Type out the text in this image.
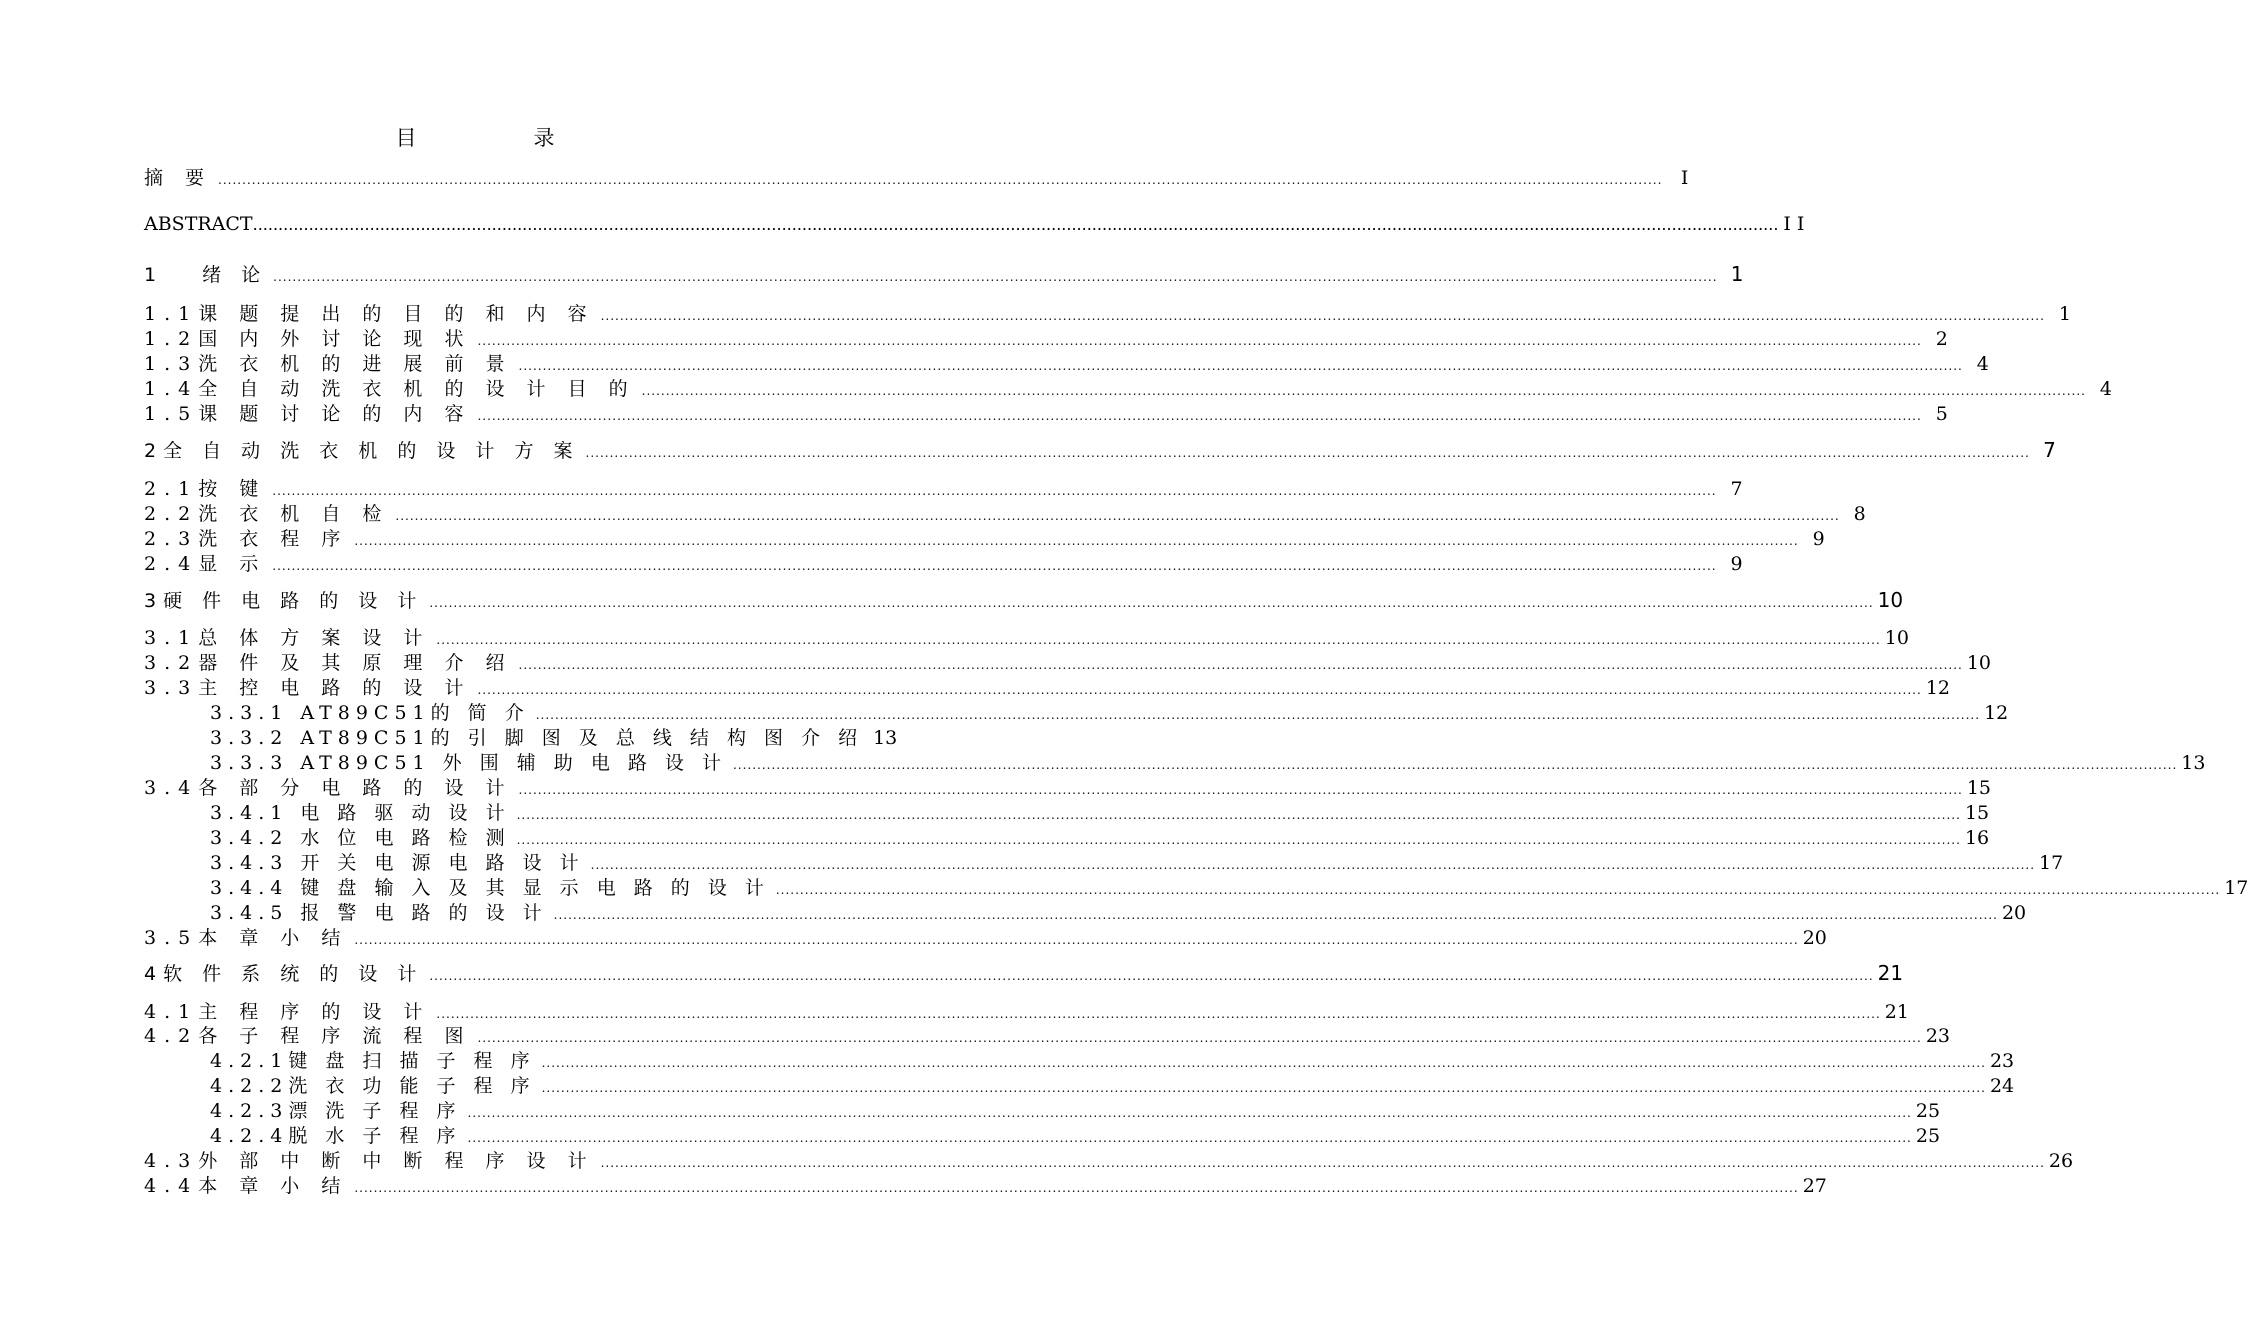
目　录
摘 要 ............................................................................................................................................................................................................................................................................................................ I
ABSTRACT ............................................................................................................................................................................................................................................................................................................ I I
1　 绪 论 ............................................................................................................................................................................................................................................................................................................ 1
1.1课 题 提 出 的 目 的 和 内 容 ............................................................................................................................................................................................................................................................................................................ 1
1.2国 内 外 讨 论 现 状 ............................................................................................................................................................................................................................................................................................................ 2
1.3洗 衣 机 的 进 展 前 景 ............................................................................................................................................................................................................................................................................................................ 4
1.4全 自 动 洗 衣 机 的 设 计 目 的 ............................................................................................................................................................................................................................................................................................................ 4
1.5课 题 讨 论 的 内 容 ............................................................................................................................................................................................................................................................................................................ 5
2全 自 动 洗 衣 机 的 设 计 方 案 ............................................................................................................................................................................................................................................................................................................ 7
2.1按 键 ............................................................................................................................................................................................................................................................................................................ 7
2.2洗 衣 机 自 检 ............................................................................................................................................................................................................................................................................................................ 8
2.3洗 衣 程 序 ............................................................................................................................................................................................................................................................................................................ 9
2.4显 示 ............................................................................................................................................................................................................................................................................................................ 9
3硬 件 电 路 的 设 计 ............................................................................................................................................................................................................................................................................................................ 10
3.1总 体 方 案 设 计 ............................................................................................................................................................................................................................................................................................................ 10
3.2器 件 及 其 原 理 介 绍 ............................................................................................................................................................................................................................................................................................................ 10
3.3主 控 电 路 的 设 计 ............................................................................................................................................................................................................................................................................................................ 12
3.3.1 AT89C51的 简 介 ............................................................................................................................................................................................................................................................................................................ 12
3.3.2 AT89C51的 引 脚 图 及 总 线 结 构 图 介 绍 13
3.3.3 AT89C51 外 围 辅 助 电 路 设 计 ............................................................................................................................................................................................................................................................................................................ 13
3.4各 部 分 电 路 的 设 计 ............................................................................................................................................................................................................................................................................................................ 15
3.4.1 电 路 驱 动 设 计 ............................................................................................................................................................................................................................................................................................................ 15
3.4.2 水 位 电 路 检 测 ............................................................................................................................................................................................................................................................................................................ 16
3.4.3 开 关 电 源 电 路 设 计 ............................................................................................................................................................................................................................................................................................................ 17
3.4.4 键 盘 输 入 及 其 显 示 电 路 的 设 计 ............................................................................................................................................................................................................................................................................................................ 17
3.4.5 报 警 电 路 的 设 计 ............................................................................................................................................................................................................................................................................................................ 20
3.5本 章 小 结 ............................................................................................................................................................................................................................................................................................................ 20
4软 件 系 统 的 设 计 ............................................................................................................................................................................................................................................................................................................ 21
4.1主 程 序 的 设 计 ............................................................................................................................................................................................................................................................................................................ 21
4.2各 子 程 序 流 程 图 ............................................................................................................................................................................................................................................................................................................ 23
4.2.1键 盘 扫 描 子 程 序 ............................................................................................................................................................................................................................................................................................................ 23
4.2.2洗 衣 功 能 子 程 序 ............................................................................................................................................................................................................................................................................................................ 24
4.2.3漂 洗 子 程 序 ............................................................................................................................................................................................................................................................................................................ 25
4.2.4脱 水 子 程 序 ............................................................................................................................................................................................................................................................................................................ 25
4.3外 部 中 断 中 断 程 序 设 计 ............................................................................................................................................................................................................................................................................................................ 26
4.4本 章 小 结 ............................................................................................................................................................................................................................................................................................................ 27
